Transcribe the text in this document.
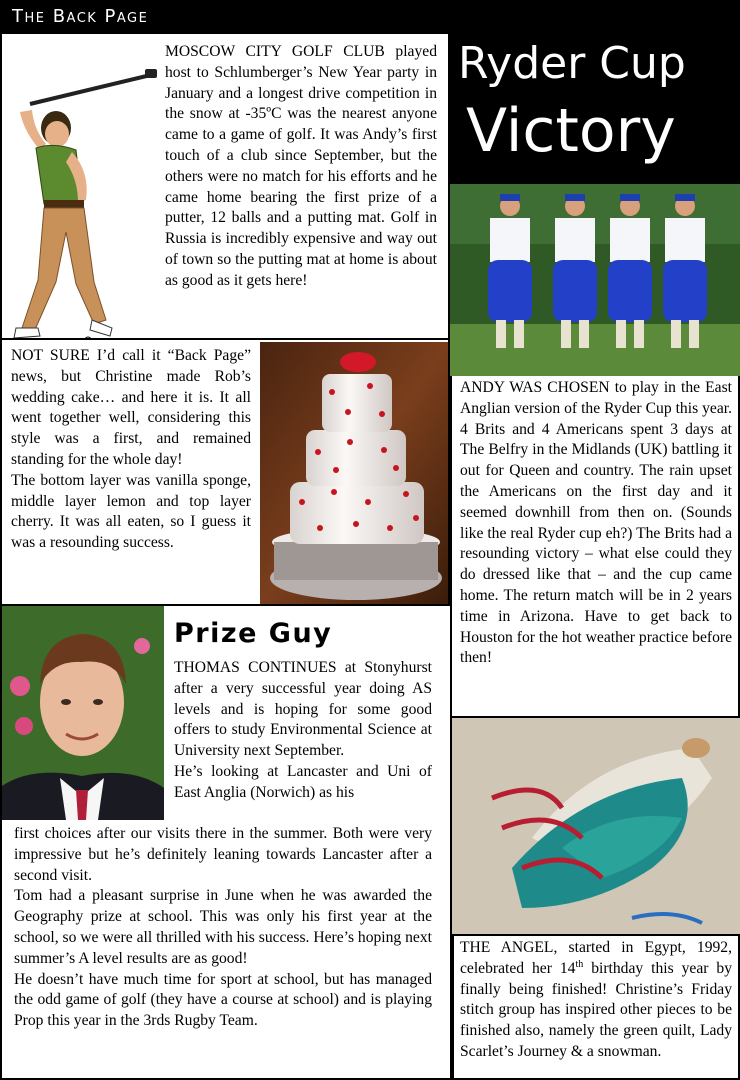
The Back Page
MOSCOW CITY GOLF CLUB played host to Schlumberger’s New Year party in January and a longest drive competition in the snow at -35ºC was the nearest anyone came to a game of golf. It was Andy’s first touch of a club since September, but the others were no match for his efforts and he came home bearing the first prize of a putter, 12 balls and a putting mat. Golf in Russia is incredibly expensive and way out of town so the putting mat at home is about as good as it gets here!

NOT SURE I’d call it “Back Page” news, but Christine made Rob’s wedding cake… and here it is. It all went together well, considering this style was a first, and remained standing for the whole day!

The bottom layer was vanilla sponge, middle layer lemon and top layer cherry. It was all eaten, so I guess it was a resounding success.

Ryder Cup
Victory
ANDY WAS CHOSEN to play in the East Anglian version of the Ryder Cup this year. 4 Brits and 4 Americans spent 3 days at The Belfry in the Midlands (UK) battling it out for Queen and country. The rain upset the Americans on the first day and it seemed downhill from then on. (Sounds like the real Ryder cup eh?) The Brits had a resounding victory – what else could they do dressed like that – and the cup came home. The return match will be in 2 years time in Arizona. Have to get back to Houston for the hot weather practice before then!
Prize Guy
THOMAS CONTINUES at Stonyhurst after a very successful year doing AS levels and is hoping for some good offers to study Environmental Science at University next September.
He’s looking at Lancaster and Uni of East Anglia (Norwich) as his

first choices after our visits there in the summer. Both were very impressive but he’s definitely leaning towards Lancaster after a second visit.

Tom had a pleasant surprise in June when he was awarded the Geography prize at school. This was only his first year at the school, so we were all thrilled with his success. Here’s hoping next summer’s A level results are as good!

He doesn’t have much time for sport at school, but has managed the odd game of golf (they have a course at school) and is playing Prop this year in the 3rds Rugby Team.

THE ANGEL, started in Egypt, 1992, celebrated her 14th birthday this year by finally being finished! Christine’s Friday stitch group has inspired other pieces to be finished also, namely the green quilt, Lady Scarlet’s Journey & a snowman.
